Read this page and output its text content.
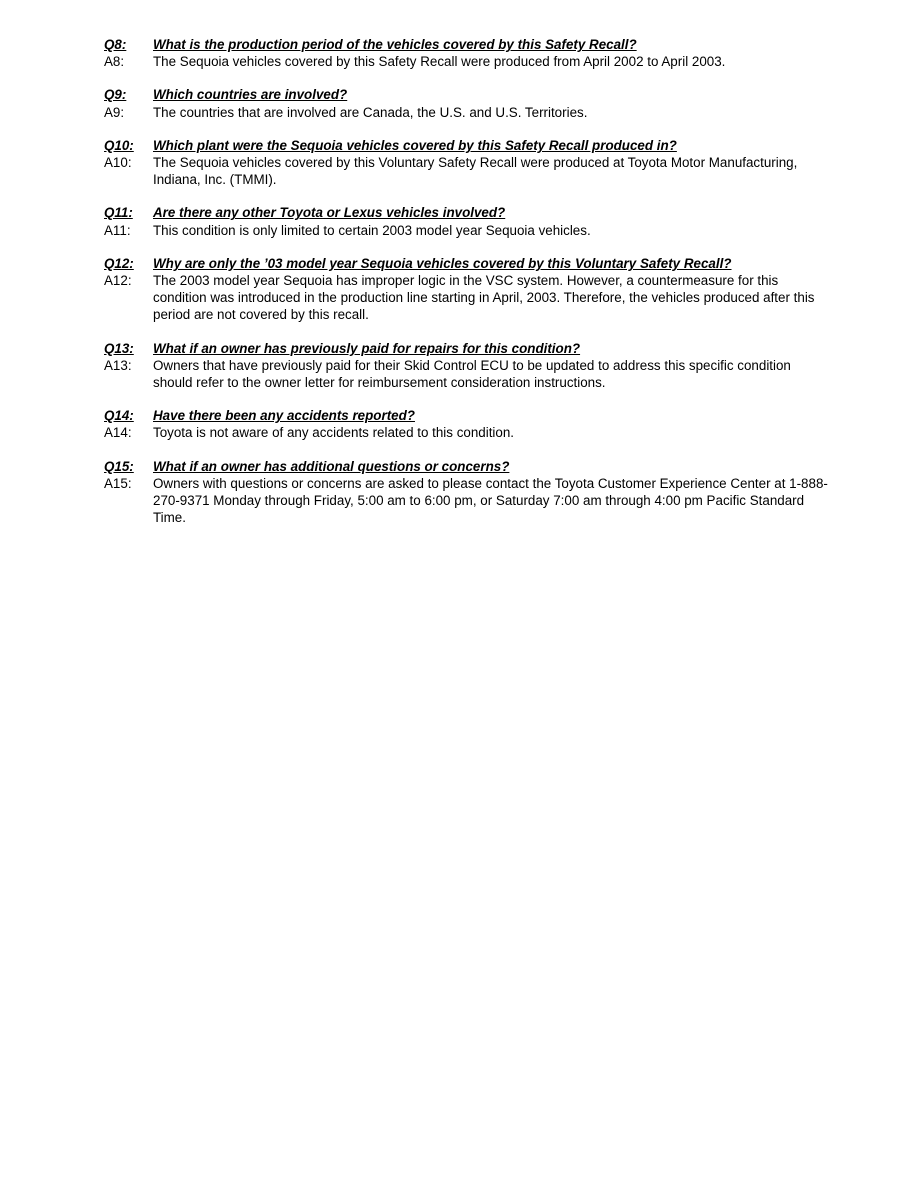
Q8:	What is the production period of the vehicles covered by this Safety Recall?
A8:	The Sequoia vehicles covered by this Safety Recall were produced from April 2002 to April 2003.
Q9:	Which countries are involved?
A9:	The countries that are involved are Canada, the U.S. and U.S. Territories.
Q10:	Which plant were the Sequoia vehicles covered by this Safety Recall produced in?
A10:	The Sequoia vehicles covered by this Voluntary Safety Recall were produced at Toyota Motor Manufacturing, Indiana, Inc. (TMMI).
Q11:	Are there any other Toyota or Lexus vehicles involved?
A11:	This condition is only limited to certain 2003 model year Sequoia vehicles.
Q12:	Why are only the ’03 model year Sequoia vehicles covered by this Voluntary Safety Recall?
A12:	The 2003 model year Sequoia has improper logic in the VSC system. However, a countermeasure for this condition was introduced in the production line starting in April, 2003. Therefore, the vehicles produced after this period are not covered by this recall.
Q13:	What if an owner has previously paid for repairs for this condition?
A13:	Owners that have previously paid for their Skid Control ECU to be updated to address this specific condition should refer to the owner letter for reimbursement consideration instructions.
Q14:	Have there been any accidents reported?
A14:	Toyota is not aware of any accidents related to this condition.
Q15:	What if an owner has additional questions or concerns?
A15:	Owners with questions or concerns are asked to please contact the Toyota Customer Experience Center at 1-888-270-9371 Monday through Friday, 5:00 am to 6:00 pm, or Saturday 7:00 am through 4:00 pm Pacific Standard Time.
